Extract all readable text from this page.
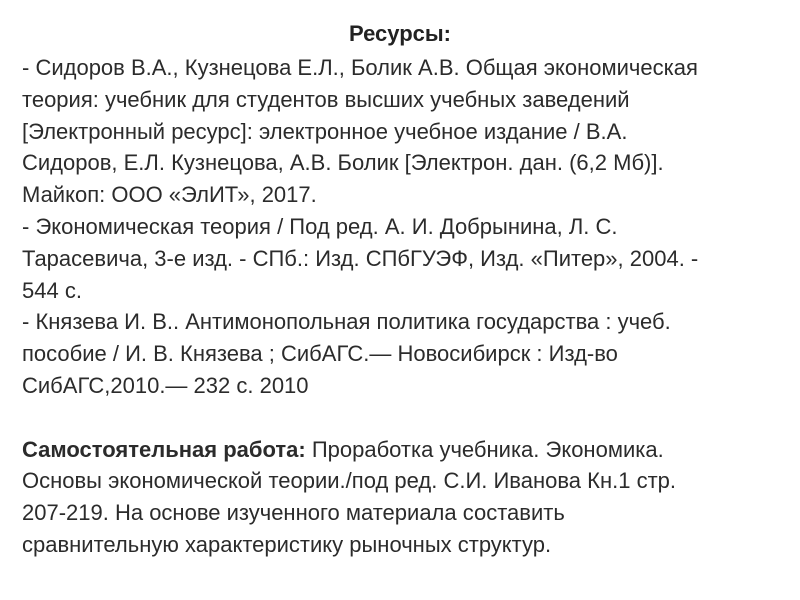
Ресурсы:
- Сидоров В.А., Кузнецова Е.Л., Болик А.В. Общая экономическая
теория: учебник для студентов высших учебных заведений
[Электронный ресурс]: электронное учебное издание / В.А.
Сидоров, Е.Л. Кузнецова, А.В. Болик [Электрон. дан. (6,2 Мб)].
Майкоп: ООО «ЭлИТ», 2017.
- Экономическая теория / Под ред. А. И. Добрынина, Л. С.
Тарасевича, 3-е изд. - СПб.: Изд. СПбГУЭФ, Изд. «Питер», 2004. -
544 с.
- Князева И. В.. Антимонопольная политика государства : учеб.
пособие / И. В. Князева ; СибАГС.— Новосибирск : Изд-во
СибАГС,2010.— 232 с. 2010
Самостоятельная работа: Проработка учебника. Экономика.
Основы экономической теории./под ред. С.И. Иванова Кн.1 стр.
207-219. На основе изученного материала составить
сравнительную характеристику рыночных структур.
